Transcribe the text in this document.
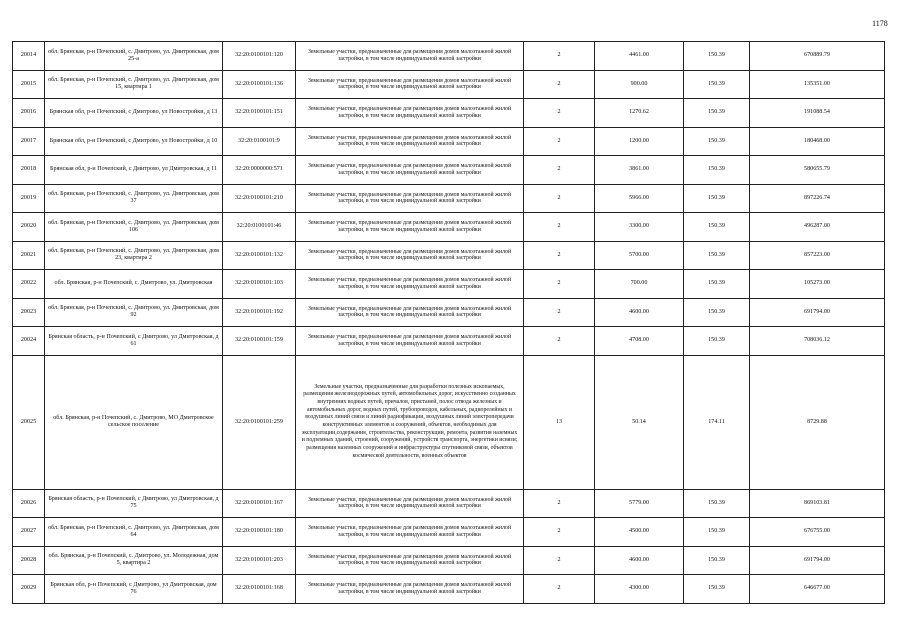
1178
20014	обл. Брянская, р-н Почепский, с. Дмитрово, ул. Дмитровская, дом 25-а	32:20:0100101:120	Земельные участки, предназначенные для размещения домов малоэтажной жилой застройки, в том числе индивидуальной жилой застройки	2	4461.00	150.39	670889.79
20015	обл. Брянская, р-н Почепский, с. Дмитрово, ул. Дмитровская, дом 15, квартира 1	32:20:0100101:136	Земельные участки, предназначенные для размещения домов малоэтажной жилой застройки, в том числе индивидуальной жилой застройки	2	900.00	150.39	135351.00
20016	Брянская обл, р-н Почепский, с Дмитрово, ул Новостройки, д 13	32:20:0100101:151	Земельные участки, предназначенные для размещения домов малоэтажной жилой застройки, в том числе индивидуальной жилой застройки	2	1270.62	150.39	191088.54
20017	Брянская обл, р-н Почепский, с Дмитрово, ул Новостройки, д 10	32:20:0100101:9	Земельные участки, предназначенные для размещения домов малоэтажной жилой застройки, в том числе индивидуальной жилой застройки	2	1200.00	150.39	180468.00
20018	Брянская обл, р-н Почепский, с Дмитрово, ул Дмитровская, д 11	32:20:0000000:571	Земельные участки, предназначенные для размещения домов малоэтажной жилой застройки, в том числе индивидуальной жилой застройки	2	3861.00	150.39	580655.79
20019	обл. Брянская, р-н Почепский, с. Дмитрово, ул. Дмитровская, дом 37	32:20:0100101:210	Земельные участки, предназначенные для размещения домов малоэтажной жилой застройки, в том числе индивидуальной жилой застройки	2	5966.00	150.39	897226.74
20020	обл. Брянская, р-н Почепский, с. Дмитрово, ул. Дмитровская, дом 106	32:20:0100101:46	Земельные участки, предназначенные для размещения домов малоэтажной жилой застройки, в том числе индивидуальной жилой застройки	2	3300.00	150.39	496287.00
20021	обл. Брянская, р-н Почепский, с. Дмитрово, ул. Дмитровская, дом 23, квартира 2	32:20:0100101:132	Земельные участки, предназначенные для размещения домов малоэтажной жилой застройки, в том числе индивидуальной жилой застройки	2	5700.00	150.39	857223.00
20022	обл. Брянская, р-н Почепский, с. Дмитрово, ул. Дмитровская	32:20:0100101:103	Земельные участки, предназначенные для размещения домов малоэтажной жилой застройки, в том числе индивидуальной жилой застройки	2	700.00	150.39	105273.00
20023	обл. Брянская, р-н Почепский, с. Дмитрово, ул. Дмитровская, дом 92	32:20:0100101:192	Земельные участки, предназначенные для размещения домов малоэтажной жилой застройки, в том числе индивидуальной жилой застройки	2	4600.00	150.39	691794.00
20024	Брянская область, р-н Почепский, с Дмитрово, ул Дмитровская, д 61	32:20:0100101:159	Земельные участки, предназначенные для размещения домов малоэтажной жилой застройки, в том числе индивидуальной жилой застройки	2	4708.00	150.39	708036.12
20025	обл. Брянская, р-н Почепский, с. Дмитрово, МО Дмитровское сельское поселение	32:20:0100101:259	Земельные участки, предназначенные для разработки полезных ископаемых, размещения железнодорожных путей, автомобильных дорог, искусственно созданных внутренних водных путей, причалов, пристаней, полос отвода железных и автомобильных дорог, водных путей, трубопроводов, кабельных, радиорелейных и воздушных линий связи и линий радиофикации, воздушных линий электропередачи конструктивных элементов и сооружений, объектов, необходимых для эксплуатации,содержания, строительства, реконструкции, ремонта, развития наземных и подземных зданий, строений, сооружений, устройств транспорта, энергетики исвязи; размещения наземных сооружений и инфраструктуры спутниковой связи, объектов космической деятельности, военных объектов	13	50.14	174.11	8729.88
20026	Брянская область, р-н Почепский, с Дмитрово, ул Дмитровская, д 75	32:20:0100101:167	Земельные участки, предназначенные для размещения домов малоэтажной жилой застройки, в том числе индивидуальной жилой застройки	2	5779.00	150.39	869103.81
20027	обл. Брянская, р-н Почепский, с. Дмитрово, ул. Дмитровская, дом 64	32:20:0100101:180	Земельные участки, предназначенные для размещения домов малоэтажной жилой застройки, в том числе индивидуальной жилой застройки	2	4500.00	150.39	676755.00
20028	обл. Брянская, р-н Почепский, с. Дмитрово, ул. Молодежная, дом 5, квартира 2	32:20:0100101:203	Земельные участки, предназначенные для размещения домов малоэтажной жилой застройки, в том числе индивидуальной жилой застройки	2	4600.00	150.39	691794.00
20029	Брянская обл, р-н Почепский, с Дмитрово, ул Дмитровская, дом 76	32:20:0100101:168	Земельные участки, предназначенные для размещения домов малоэтажной жилой застройки, в том числе индивидуальной жилой застройки	2	4300.00	150.39	646677.00
